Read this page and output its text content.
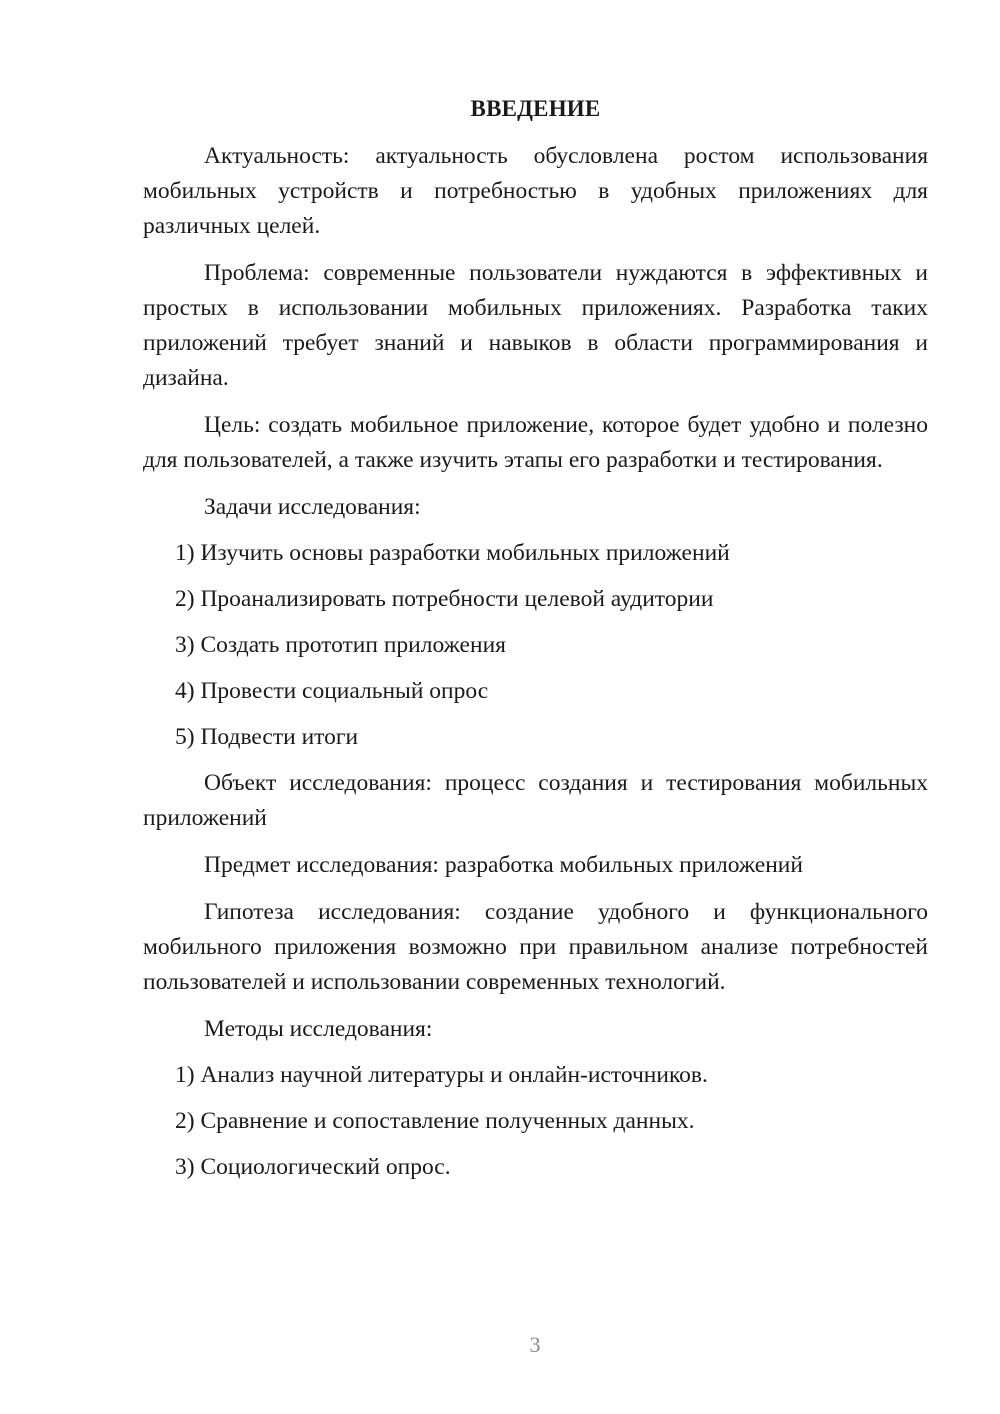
ВВЕДЕНИЕ

Актуальность: актуальность обусловлена ростом использования мобильных устройств и потребностью в удобных приложениях для различных целей.

Проблема: современные пользователи нуждаются в эффективных и простых в использовании мобильных приложениях. Разработка таких приложений требует знаний и навыков в области программирования и дизайна.

Цель: создать мобильное приложение, которое будет удобно и полезно для пользователей, а также изучить этапы его разработки и тестирования.

Задачи исследования:

1) Изучить основы разработки мобильных приложений

2) Проанализировать потребности целевой аудитории

3) Создать прототип приложения

4) Провести социальный опрос

5) Подвести итоги

Объект исследования: процесс создания и тестирования мобильных приложений

Предмет исследования: разработка мобильных приложений

Гипотеза исследования: создание удобного и функционального мобильного приложения возможно при правильном анализе потребностей пользователей и использовании современных технологий.

Методы исследования:

1) Анализ научной литературы и онлайн-источников.

2) Сравнение и сопоставление полученных данных.

3) Социологический опрос.

3
